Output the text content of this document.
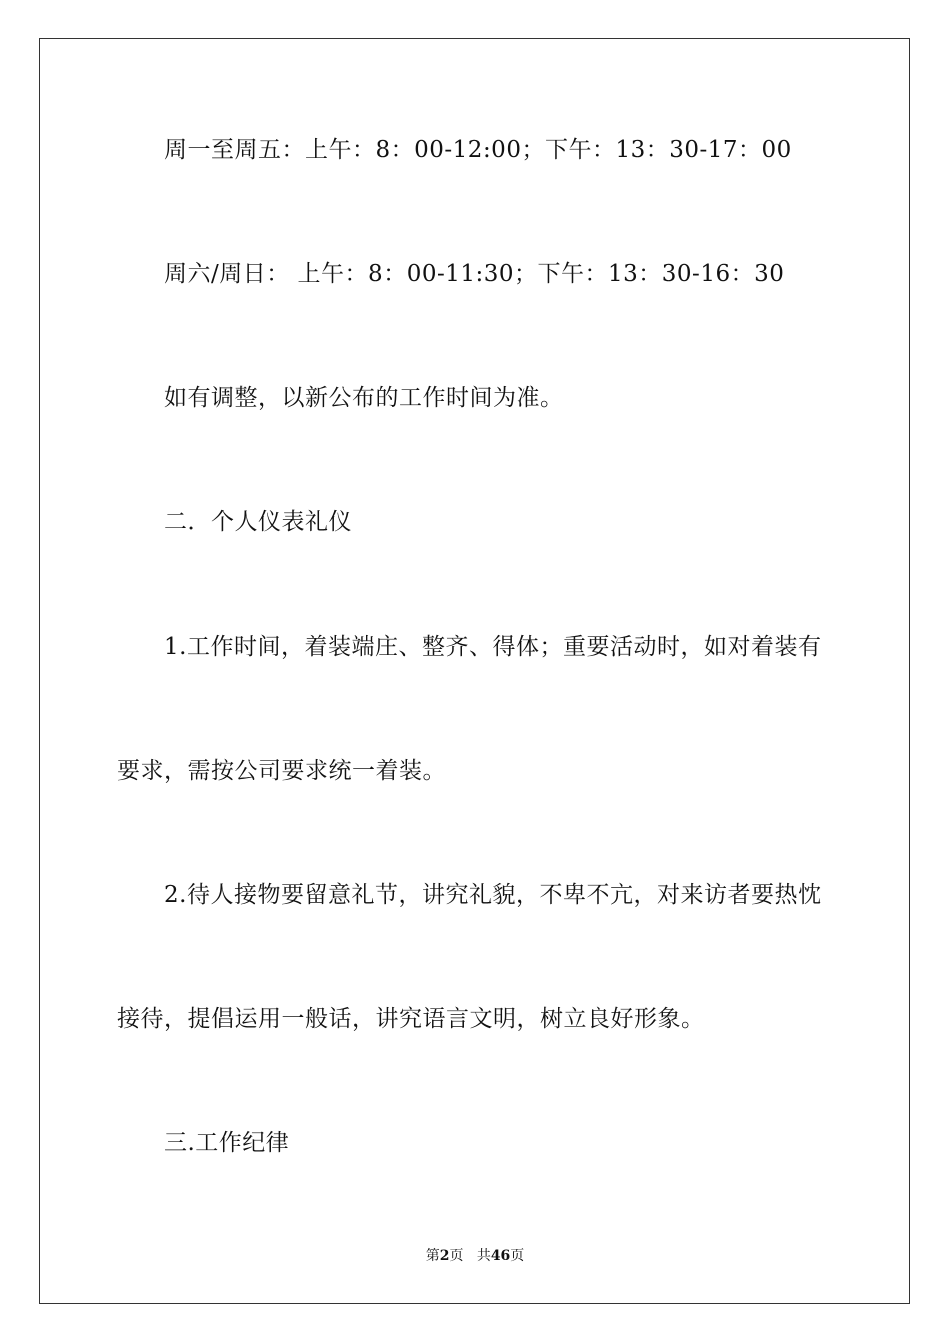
周一至周五：上午：8：00-12:00；下午：13：30-17：00
周六/周日： 上午：8：00-11:30；下午：13：30-16：30
如有调整，以新公布的工作时间为准。
二．个人仪表礼仪
1.工作时间，着装端庄、整齐、得体；重要活动时，如对着装有
要求，需按公司要求统一着装。
2.待人接物要留意礼节，讲究礼貌，不卑不亢，对来访者要热忱
接待，提倡运用一般话，讲究语言文明，树立良好形象。
三.工作纪律
第2页 共46页
